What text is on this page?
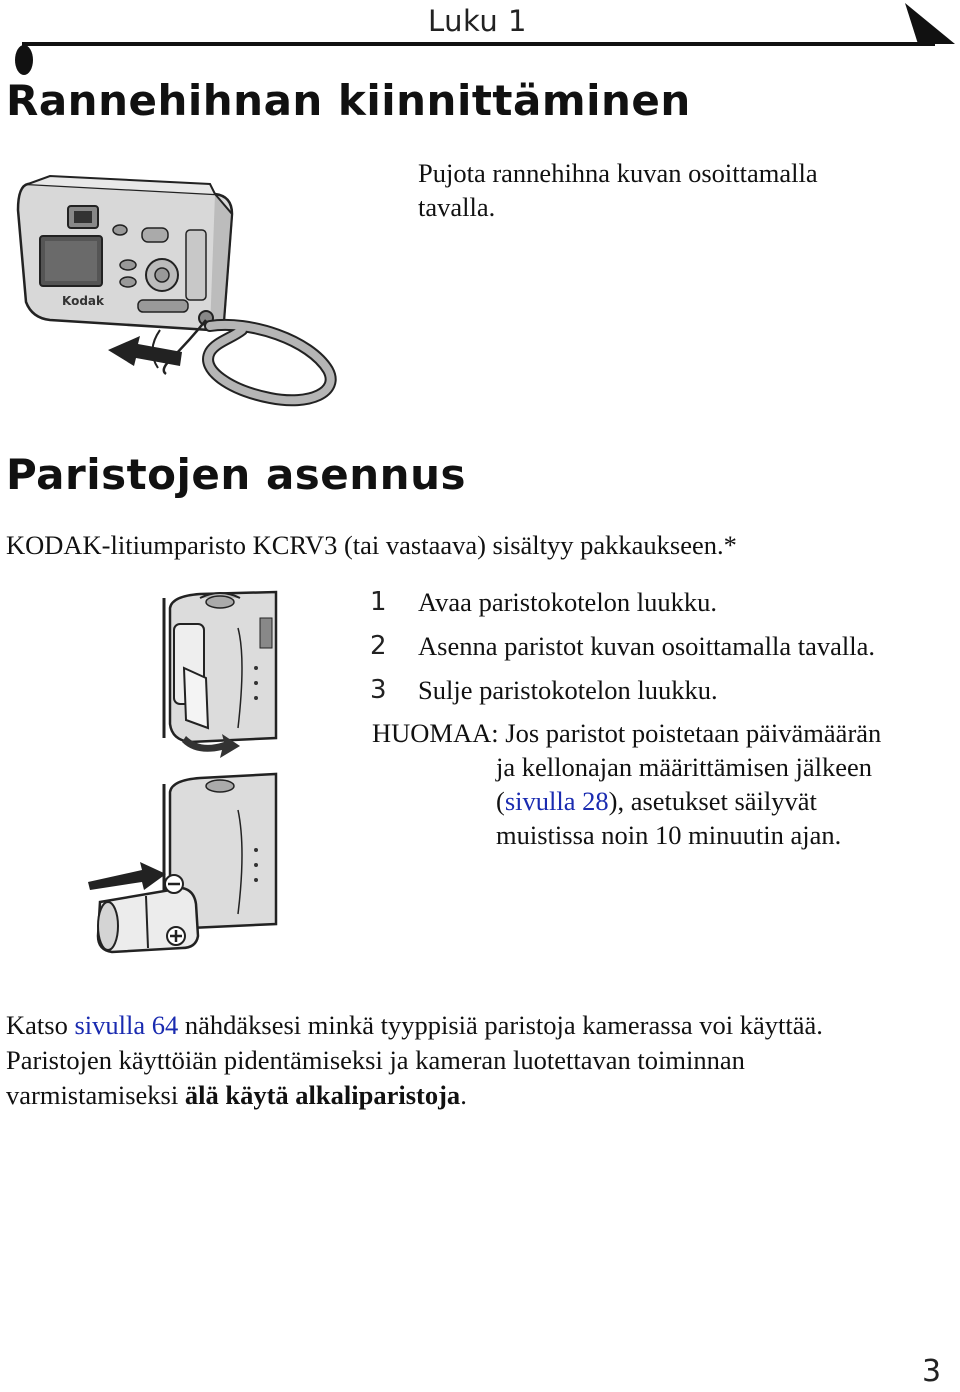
Luku 1
Rannehihnan kiinnittäminen
Pujota rannehihna kuvan osoittamalla
tavalla.
Kodak
Paristojen asennus
KODAK-litiumparisto KCRV3 (tai vastaava) sisältyy pakkaukseen.*
1	Avaa paristokotelon luukku.
2	Asenna paristot kuvan osoittamalla tavalla.
3	Sulje paristokotelon luukku.
HUOMAA: Jos paristot poistetaan päivämäärän
ja kellonajan määrittämisen jälkeen
(sivulla 28), asetukset säilyvät
muistissa noin 10 minuutin ajan.
Katso sivulla 64 nähdäksesi minkä tyyppisiä paristoja kamerassa voi käyttää.
Paristojen käyttöiän pidentämiseksi ja kameran luotettavan toiminnan
varmistamiseksi älä käytä alkaliparistoja.
3
